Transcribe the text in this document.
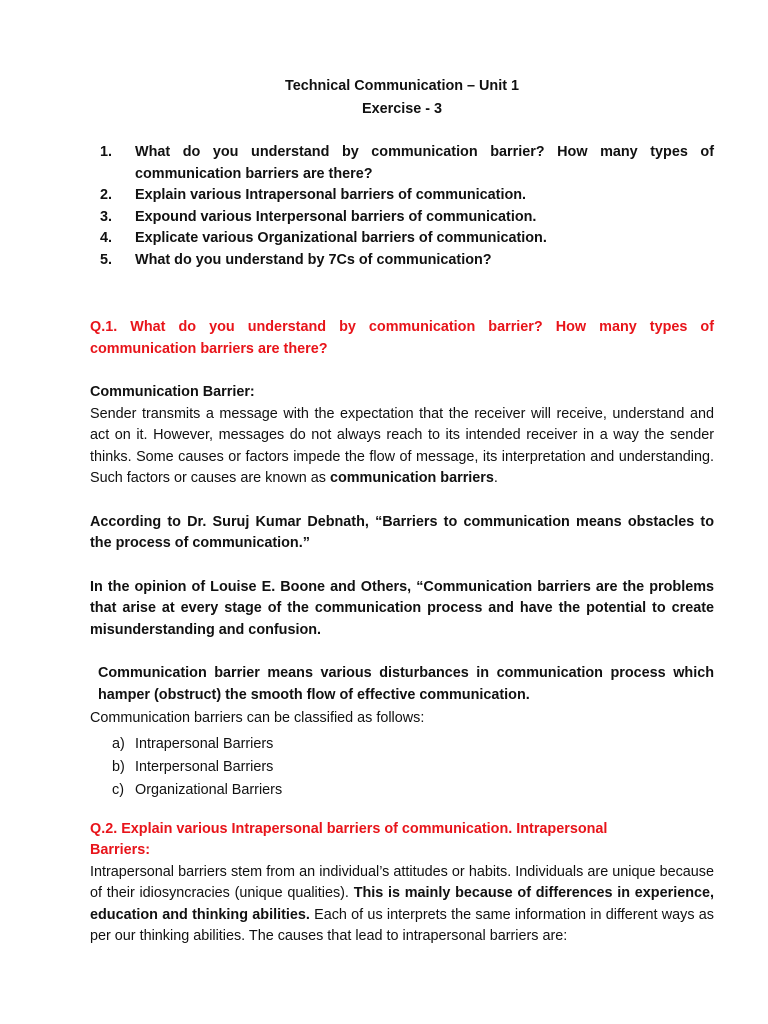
Technical Communication – Unit 1
Exercise - 3
1.	What do you understand by communication barrier? How many types of communication barriers are there?
2.	Explain various Intrapersonal barriers of communication.
3.	Expound various Interpersonal barriers of communication.
4.	Explicate various Organizational barriers of communication.
5.	What do you understand by 7Cs of communication?

Q.1. What do you understand by communication barrier? How many types of communication barriers are there?

Communication Barrier:

Sender transmits a message with the expectation that the receiver will receive, understand and act on it. However, messages do not always reach to its intended receiver in a way the sender thinks. Some causes or factors impede the flow of message, its interpretation and understanding. Such factors or causes are known as communication barriers.

According to Dr. Suruj Kumar Debnath, “Barriers to communication means obstacles to the process of communication.”

In the opinion of Louise E. Boone and Others, “Communication barriers are the problems that arise at every stage of the communication process and have the potential to create misunderstanding and confusion.

Communication barrier means various disturbances in communication process which hamper (obstruct) the smooth flow of effective communication.

Communication barriers can be classified as follows:

a) Intrapersonal Barriers
b) Interpersonal Barriers
c) Organizational Barriers
Q.2. Explain various Intrapersonal barriers of communication. Intrapersonal
Barriers:

Intrapersonal barriers stem from an individual’s attitudes or habits. Individuals are unique because of their idiosyncracies (unique qualities). This is mainly because of differences in experience, education and thinking abilities. Each of us interprets the same information in different ways as per our thinking abilities. The causes that lead to intrapersonal barriers are:
